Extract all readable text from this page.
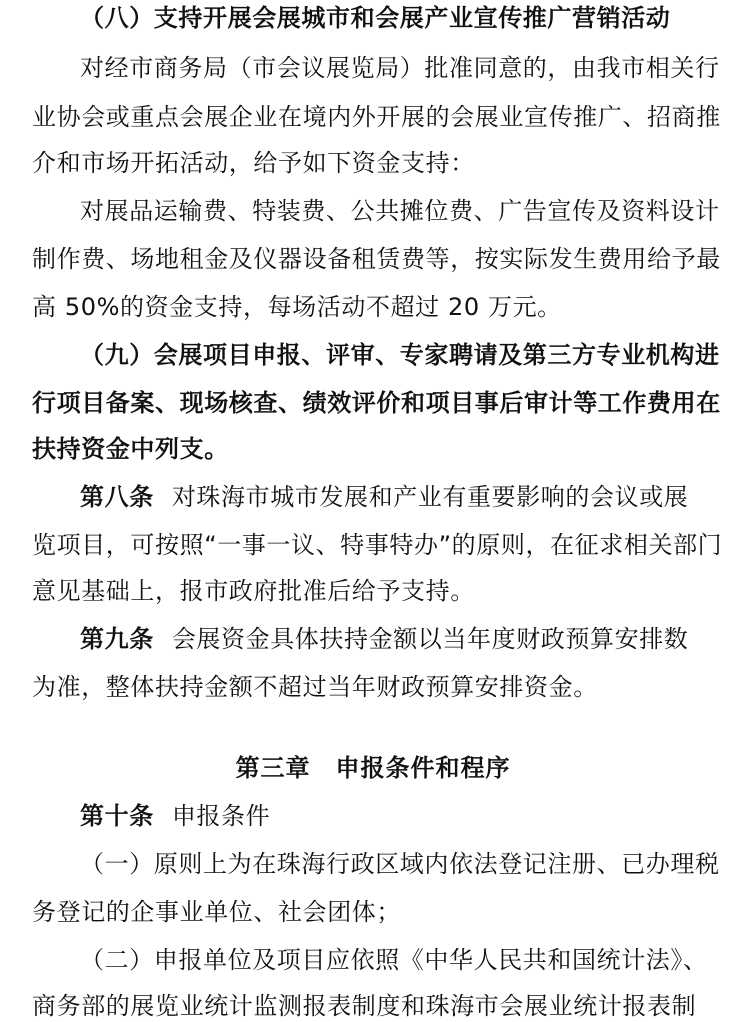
（八）支持开展会展城市和会展产业宣传推广营销活动
对经市商务局（市会议展览局）批准同意的，由我市相关行
业协会或重点会展企业在境内外开展的会展业宣传推广、招商推
介和市场开拓活动，给予如下资金支持：
对展品运输费、特装费、公共摊位费、广告宣传及资料设计
制作费、场地租金及仪器设备租赁费等，按实际发生费用给予最
高 50%的资金支持，每场活动不超过 20 万元。
（九）会展项目申报、评审、专家聘请及第三方专业机构进
行项目备案、现场核查、绩效评价和项目事后审计等工作费用在
扶持资金中列支。
第八条 对珠海市城市发展和产业有重要影响的会议或展
览项目，可按照“一事一议、特事特办”的原则，在征求相关部门
意见基础上，报市政府批准后给予支持。
第九条 会展资金具体扶持金额以当年度财政预算安排数
为准，整体扶持金额不超过当年财政预算安排资金。
第三章　申报条件和程序
第十条 申报条件
（一）原则上为在珠海行政区域内依法登记注册、已办理税
务登记的企事业单位、社会团体；
（二）申报单位及项目应依照《中华人民共和国统计法》、
商务部的展览业统计监测报表制度和珠海市会展业统计报表制
